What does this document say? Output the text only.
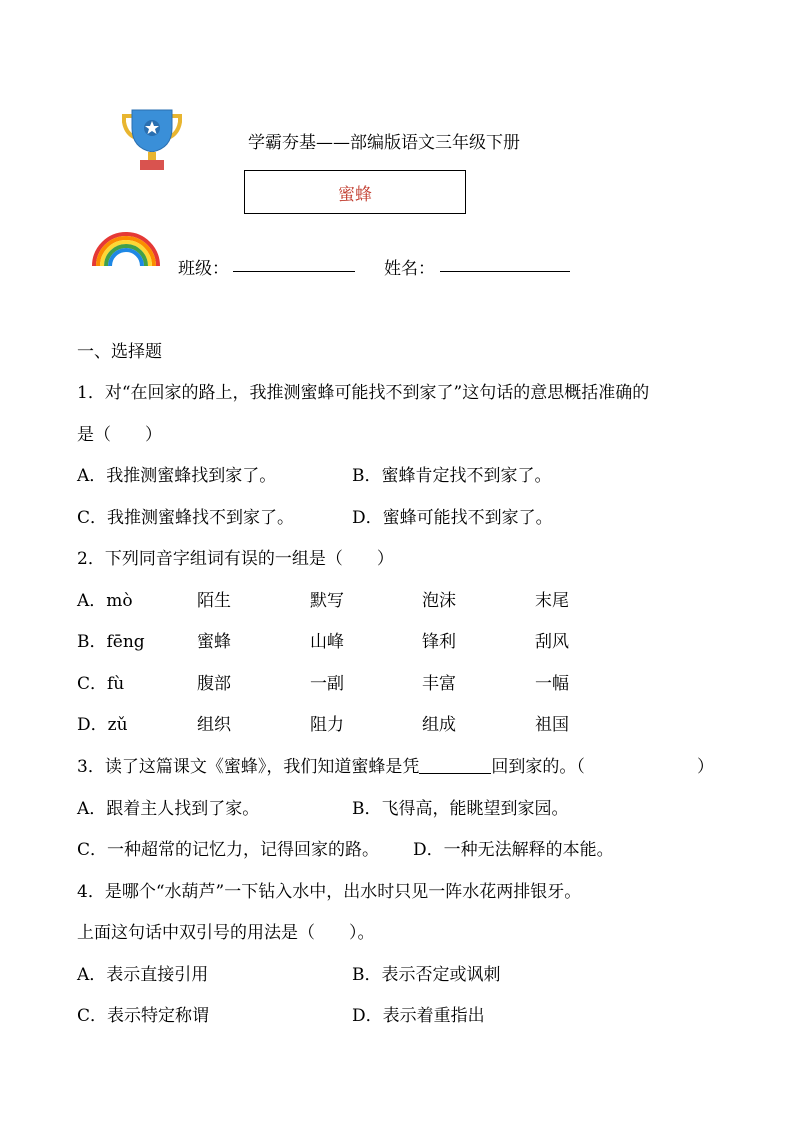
学霸夯基——部编版语文三年级下册
蜜蜂
班级：	姓名：
一、选择题
1．对“在回家的路上，我推测蜜蜂可能找不到家了”这句话的意思概括准确的
是（　　）
A．我推测蜜蜂找到家了。	B．蜜蜂肯定找不到家了。
C．我推测蜜蜂找不到家了。	D．蜜蜂可能找不到家了。
2．下列同音字组词有误的一组是（　　）
A．mò	陌生	默写	泡沫	末尾
B．fēng	蜜蜂	山峰	锋利	刮风
C．fù	腹部	一副	丰富	一幅
D．zǔ	组织	阻力	组成	祖国
3．读了这篇课文《蜜蜂》，我们知道蜜蜂是凭	回到家的。（	）
A．跟着主人找到了家。	B．飞得高，能眺望到家园。
C．一种超常的记忆力，记得回家的路。 D．一种无法解释的本能。
4．是哪个“水葫芦”一下钻入水中，出水时只见一阵水花两排银牙。
上面这句话中双引号的用法是（　　）。
A．表示直接引用	B．表示否定或讽刺
C．表示特定称谓	D．表示着重指出
